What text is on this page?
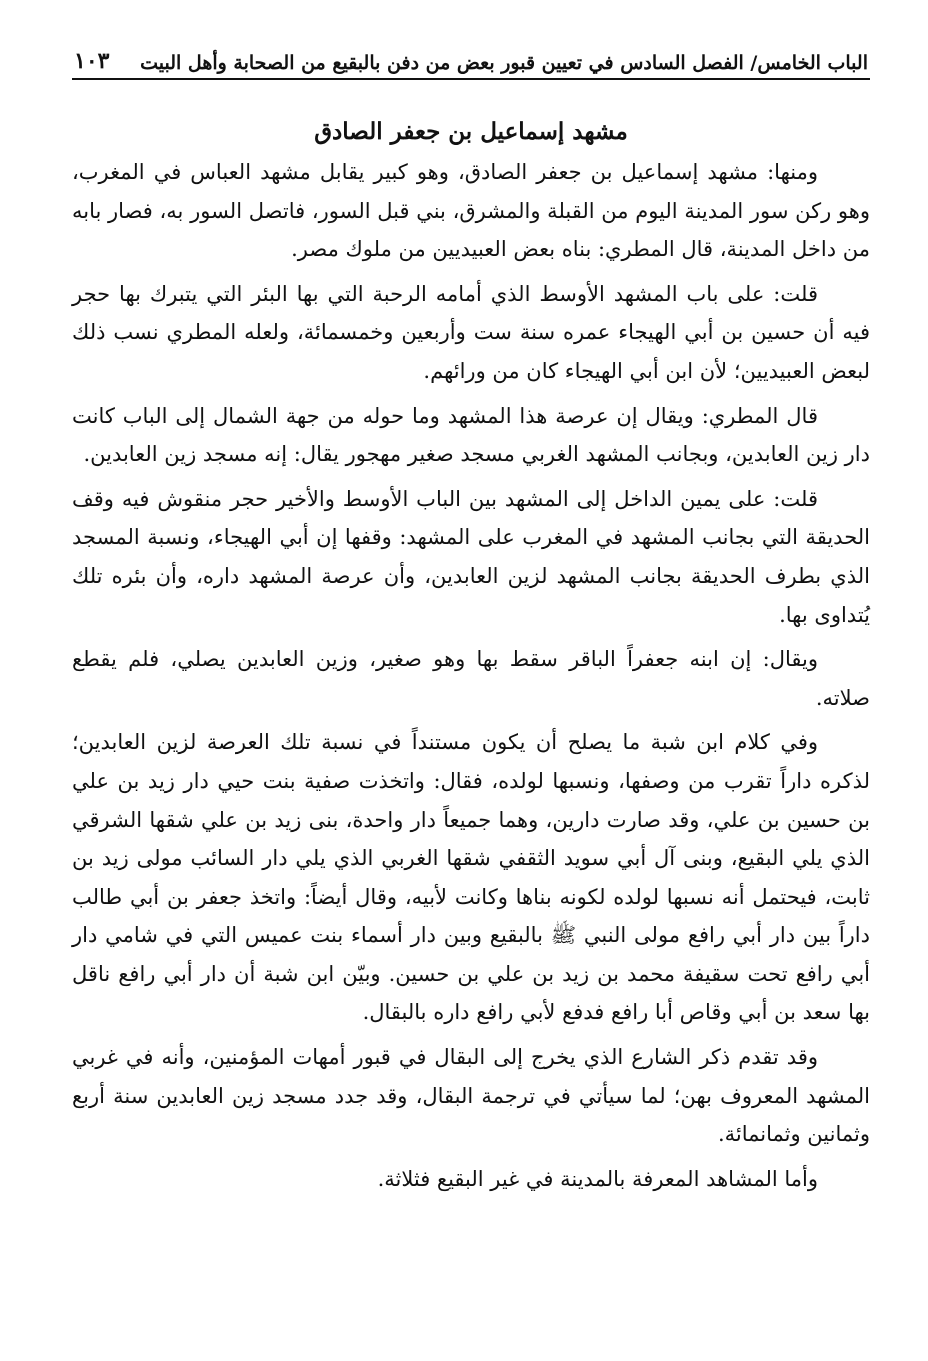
الباب الخامس/ الفصل السادس في تعيين قبور بعض من دفن بالبقيع من الصحابة وأهل البيت
١٠٣
مشهد إسماعيل بن جعفر الصادق

ومنها: مشهد إسماعيل بن جعفر الصادق، وهو كبير يقابل مشهد العباس في المغرب، وهو ركن سور المدينة اليوم من القبلة والمشرق، بني قبل السور، فاتصل السور به، فصار بابه من داخل المدينة، قال المطري: بناه بعض العبيديين من ملوك مصر.

قلت: على باب المشهد الأوسط الذي أمامه الرحبة التي بها البئر التي يتبرك بها حجر فيه أن حسين بن أبي الهيجاء عمره سنة ست وأربعين وخمسمائة، ولعله المطري نسب ذلك لبعض العبيديين؛ لأن ابن أبي الهيجاء كان من ورائهم.

قال المطري: ويقال إن عرصة هذا المشهد وما حوله من جهة الشمال إلى الباب كانت دار زين العابدين، وبجانب المشهد الغربي مسجد صغير مهجور يقال: إنه مسجد زين العابدين.

قلت: على يمين الداخل إلى المشهد بين الباب الأوسط والأخير حجر منقوش فيه وقف الحديقة التي بجانب المشهد في المغرب على المشهد: وقفها إن أبي الهيجاء، ونسبة المسجد الذي بطرف الحديقة بجانب المشهد لزين العابدين، وأن عرصة المشهد داره، وأن بئره تلك يُتداوى بها.

ويقال: إن ابنه جعفراً الباقر سقط بها وهو صغير، وزين العابدين يصلي، فلم يقطع صلاته.

وفي كلام ابن شبة ما يصلح أن يكون مستنداً في نسبة تلك العرصة لزين العابدين؛ لذكره داراً تقرب من وصفها، ونسبها لولده، فقال: واتخذت صفية بنت حيي دار زيد بن علي بن حسين بن علي، وقد صارت دارين، وهما جميعاً دار واحدة، بنى زيد بن علي شقها الشرقي الذي يلي البقيع، وبنى آل أبي سويد الثقفي شقها الغربي الذي يلي دار السائب مولى زيد بن ثابت، فيحتمل أنه نسبها لولده لكونه بناها وكانت لأبيه، وقال أيضاً: واتخذ جعفر بن أبي طالب داراً بين دار أبي رافع مولى النبي ﷺ بالبقيع وبين دار أسماء بنت عميس التي في شامي دار أبي رافع تحت سقيفة محمد بن زيد بن علي بن حسين. وبيّن ابن شبة أن دار أبي رافع ناقل بها سعد بن أبي وقاص أبا رافع فدفع لأبي رافع داره بالبقال.

وقد تقدم ذكر الشارع الذي يخرج إلى البقال في قبور أمهات المؤمنين، وأنه في غربي المشهد المعروف بهن؛ لما سيأتي في ترجمة البقال، وقد جدد مسجد زين العابدين سنة أربع وثمانين وثمانمائة.

وأما المشاهد المعرفة بالمدينة في غير البقيع فثلاثة.
